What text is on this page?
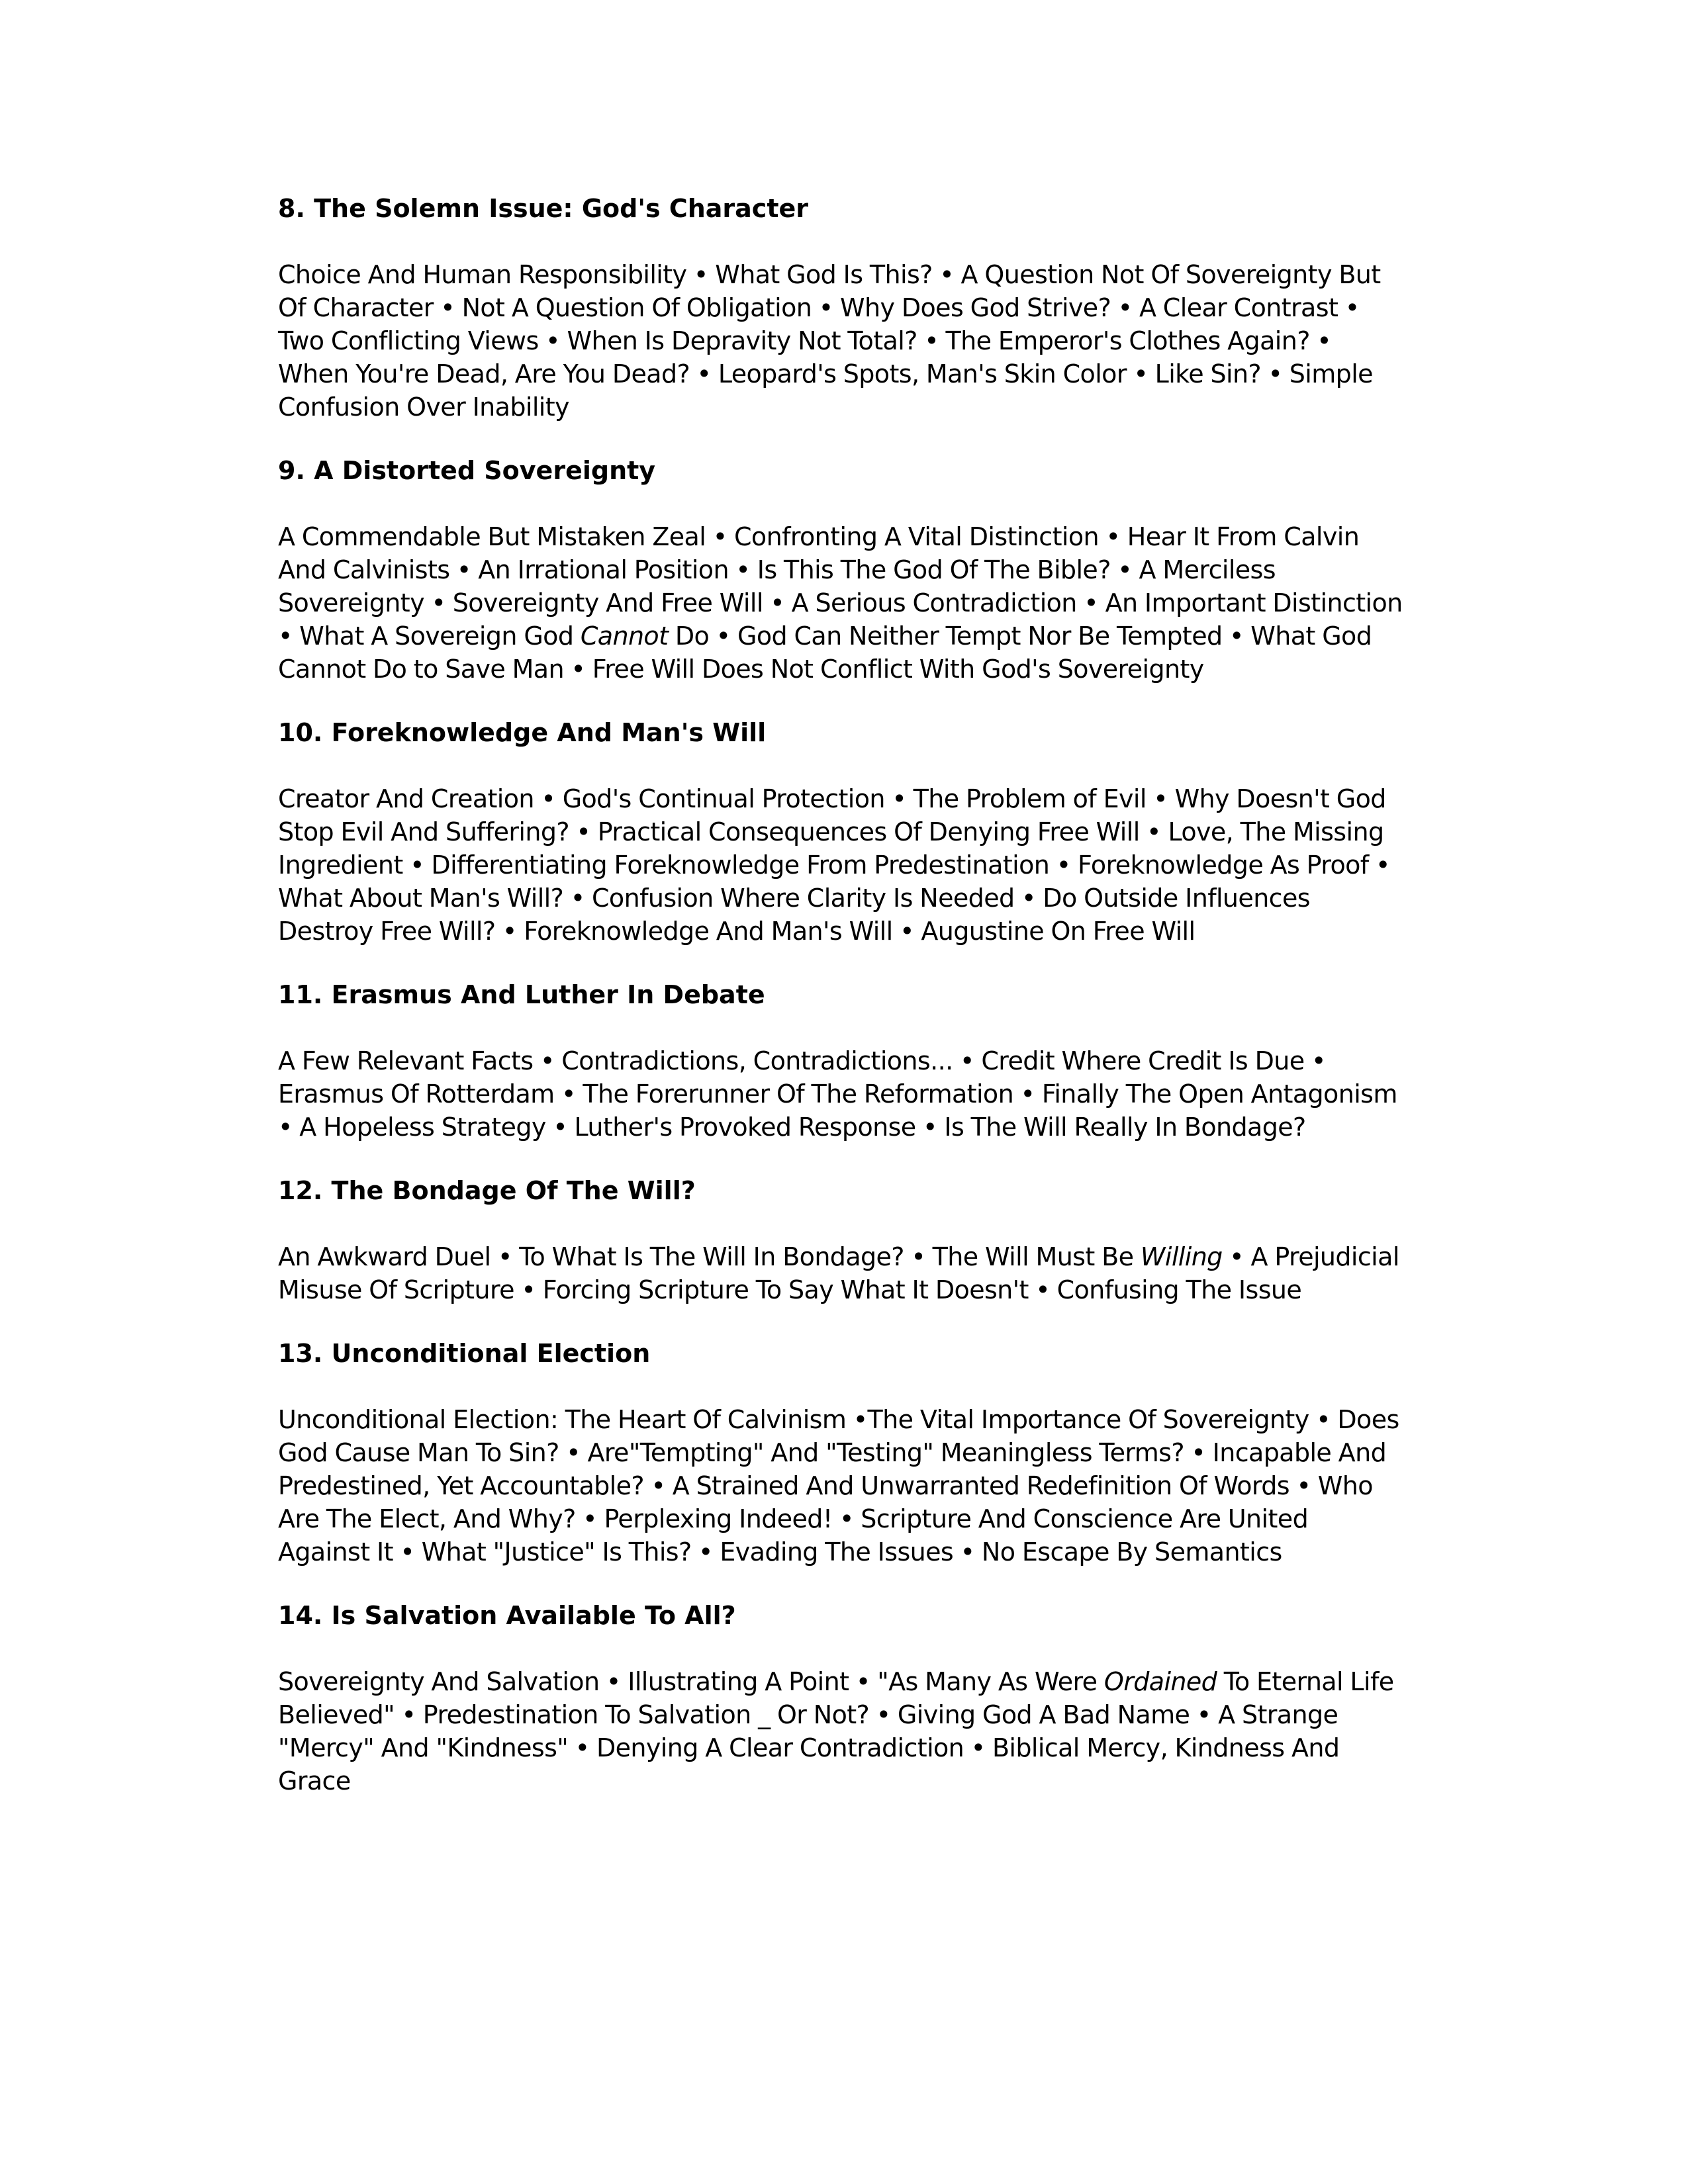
8. The Solemn Issue: God's Character

Choice And Human Responsibility • What God Is This? • A Question Not Of Sovereignty But Of Character • Not A Question Of Obligation • Why Does God Strive? • A Clear Contrast • Two Conflicting Views • When Is Depravity Not Total? • The Emperor's Clothes Again? • When You're Dead, Are You Dead? • Leopard's Spots, Man's Skin Color • Like Sin? • Simple Confusion Over Inability

9. A Distorted Sovereignty

A Commendable But Mistaken Zeal • Confronting A Vital Distinction • Hear It From Calvin And Calvinists • An Irrational Position • Is This The God Of The Bible? • A Merciless Sovereignty • Sovereignty And Free Will • A Serious Contradiction • An Important Distinction • What A Sovereign God Cannot Do • God Can Neither Tempt Nor Be Tempted • What God Cannot Do to Save Man • Free Will Does Not Conflict With God's Sovereignty

10. Foreknowledge And Man's Will

Creator And Creation • God's Continual Protection • The Problem of Evil • Why Doesn't God Stop Evil And Suffering? • Practical Consequences Of Denying Free Will • Love, The Missing Ingredient • Differentiating Foreknowledge From Predestination • Foreknowledge As Proof • What About Man's Will? • Confusion Where Clarity Is Needed • Do Outside Influences Destroy Free Will? • Foreknowledge And Man's Will • Augustine On Free Will

11. Erasmus And Luther In Debate

A Few Relevant Facts • Contradictions, Contradictions... • Credit Where Credit Is Due • Erasmus Of Rotterdam • The Forerunner Of The Reformation • Finally The Open Antagonism • A Hopeless Strategy • Luther's Provoked Response • Is The Will Really In Bondage?

12. The Bondage Of The Will?

An Awkward Duel • To What Is The Will In Bondage? • The Will Must Be Willing • A Prejudicial Misuse Of Scripture • Forcing Scripture To Say What It Doesn't • Confusing The Issue

13. Unconditional Election

Unconditional Election: The Heart Of Calvinism •The Vital Importance Of Sovereignty • Does God Cause Man To Sin? • Are"Tempting" And "Testing" Meaningless Terms? • Incapable And Predestined, Yet Accountable? • A Strained And Unwarranted Redefinition Of Words • Who Are The Elect, And Why? • Perplexing Indeed! • Scripture And Conscience Are United Against It • What "Justice" Is This? • Evading The Issues • No Escape By Semantics

14. Is Salvation Available To All?

Sovereignty And Salvation • Illustrating A Point • "As Many As Were Ordained To Eternal Life Believed" • Predestination To Salvation _ Or Not? • Giving God A Bad Name • A Strange "Mercy" And "Kindness" • Denying A Clear Contradiction • Biblical Mercy, Kindness And Grace
